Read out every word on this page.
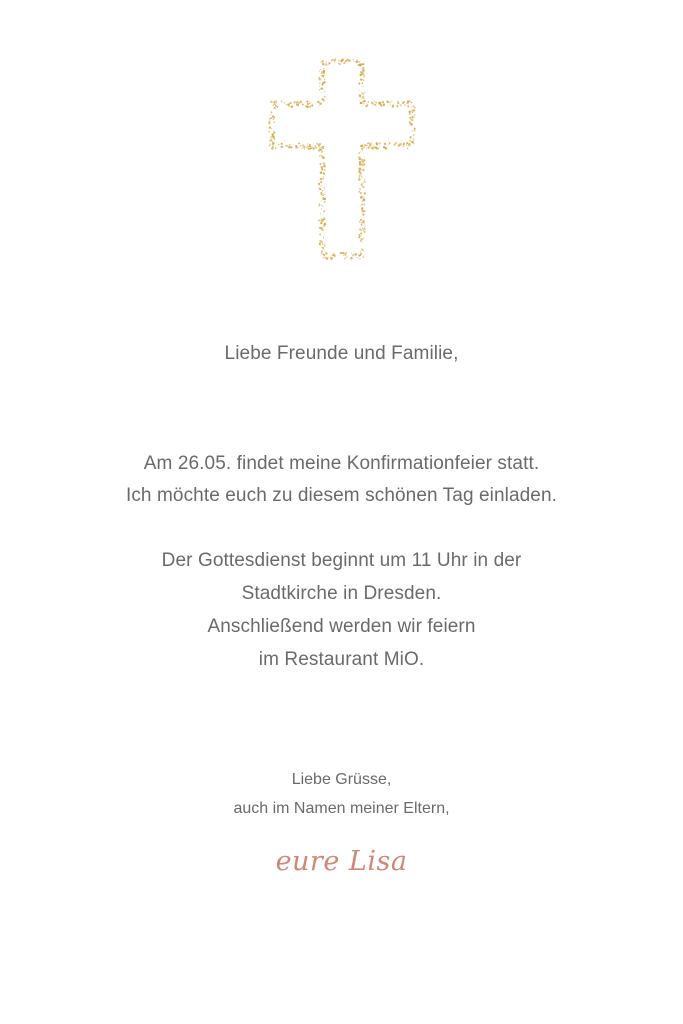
Liebe Freunde und Familie,
Am 26.05. findet meine Konfirmationfeier statt.
Ich möchte euch zu diesem schönen Tag einladen.
Der Gottesdienst beginnt um 11 Uhr in der
Stadtkirche in Dresden.
Anschließend werden wir feiern
im Restaurant MiO.
Liebe Grüsse,
auch im Namen meiner Eltern,
eure Lisa
